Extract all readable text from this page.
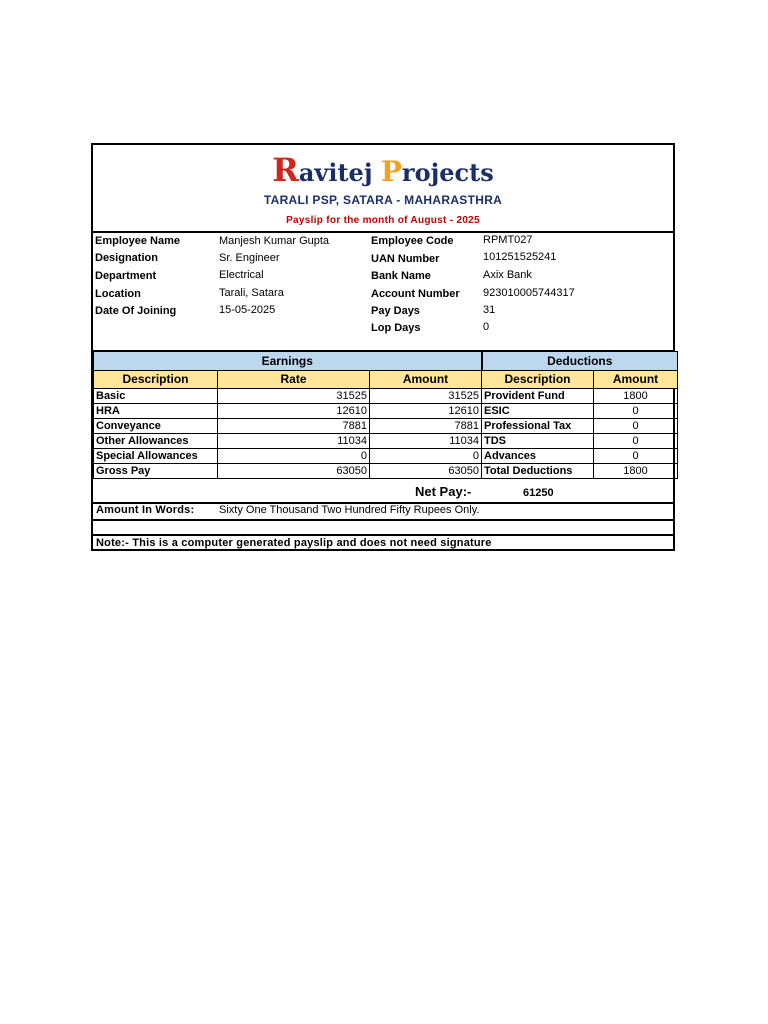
Ravitej Projects
TARALI PSP, SATARA - MAHARASTHRA
Payslip for the month of August - 2025
Employee Name	Manjesh Kumar Gupta
Designation	Sr. Engineer
Department	Electrical
Location	Tarali, Satara
Date Of Joining	15-05-2025
Employee Code	RPMT027
UAN Number	101251525241
Bank Name	Axix Bank
Account Number 923010005744317
Pay Days	31
Lop Days	0
Earnings			Deductions	
Description	Rate	Amount	Description	Amount
Basic	31525	31525	Provident Fund	1800
HRA	12610	12610	ESIC	0
Conveyance	7881	7881	Professional Tax	0
Other Allowances	11034	11034	TDS	0
Special Allowances	0	0	Advances	0
Gross Pay	63050	63050	Total Deductions	1800
Net Pay:-	61250
Amount In Words: Sixty One Thousand Two Hundred Fifty Rupees Only.
Note:- This is a computer generated payslip and does not need signature
